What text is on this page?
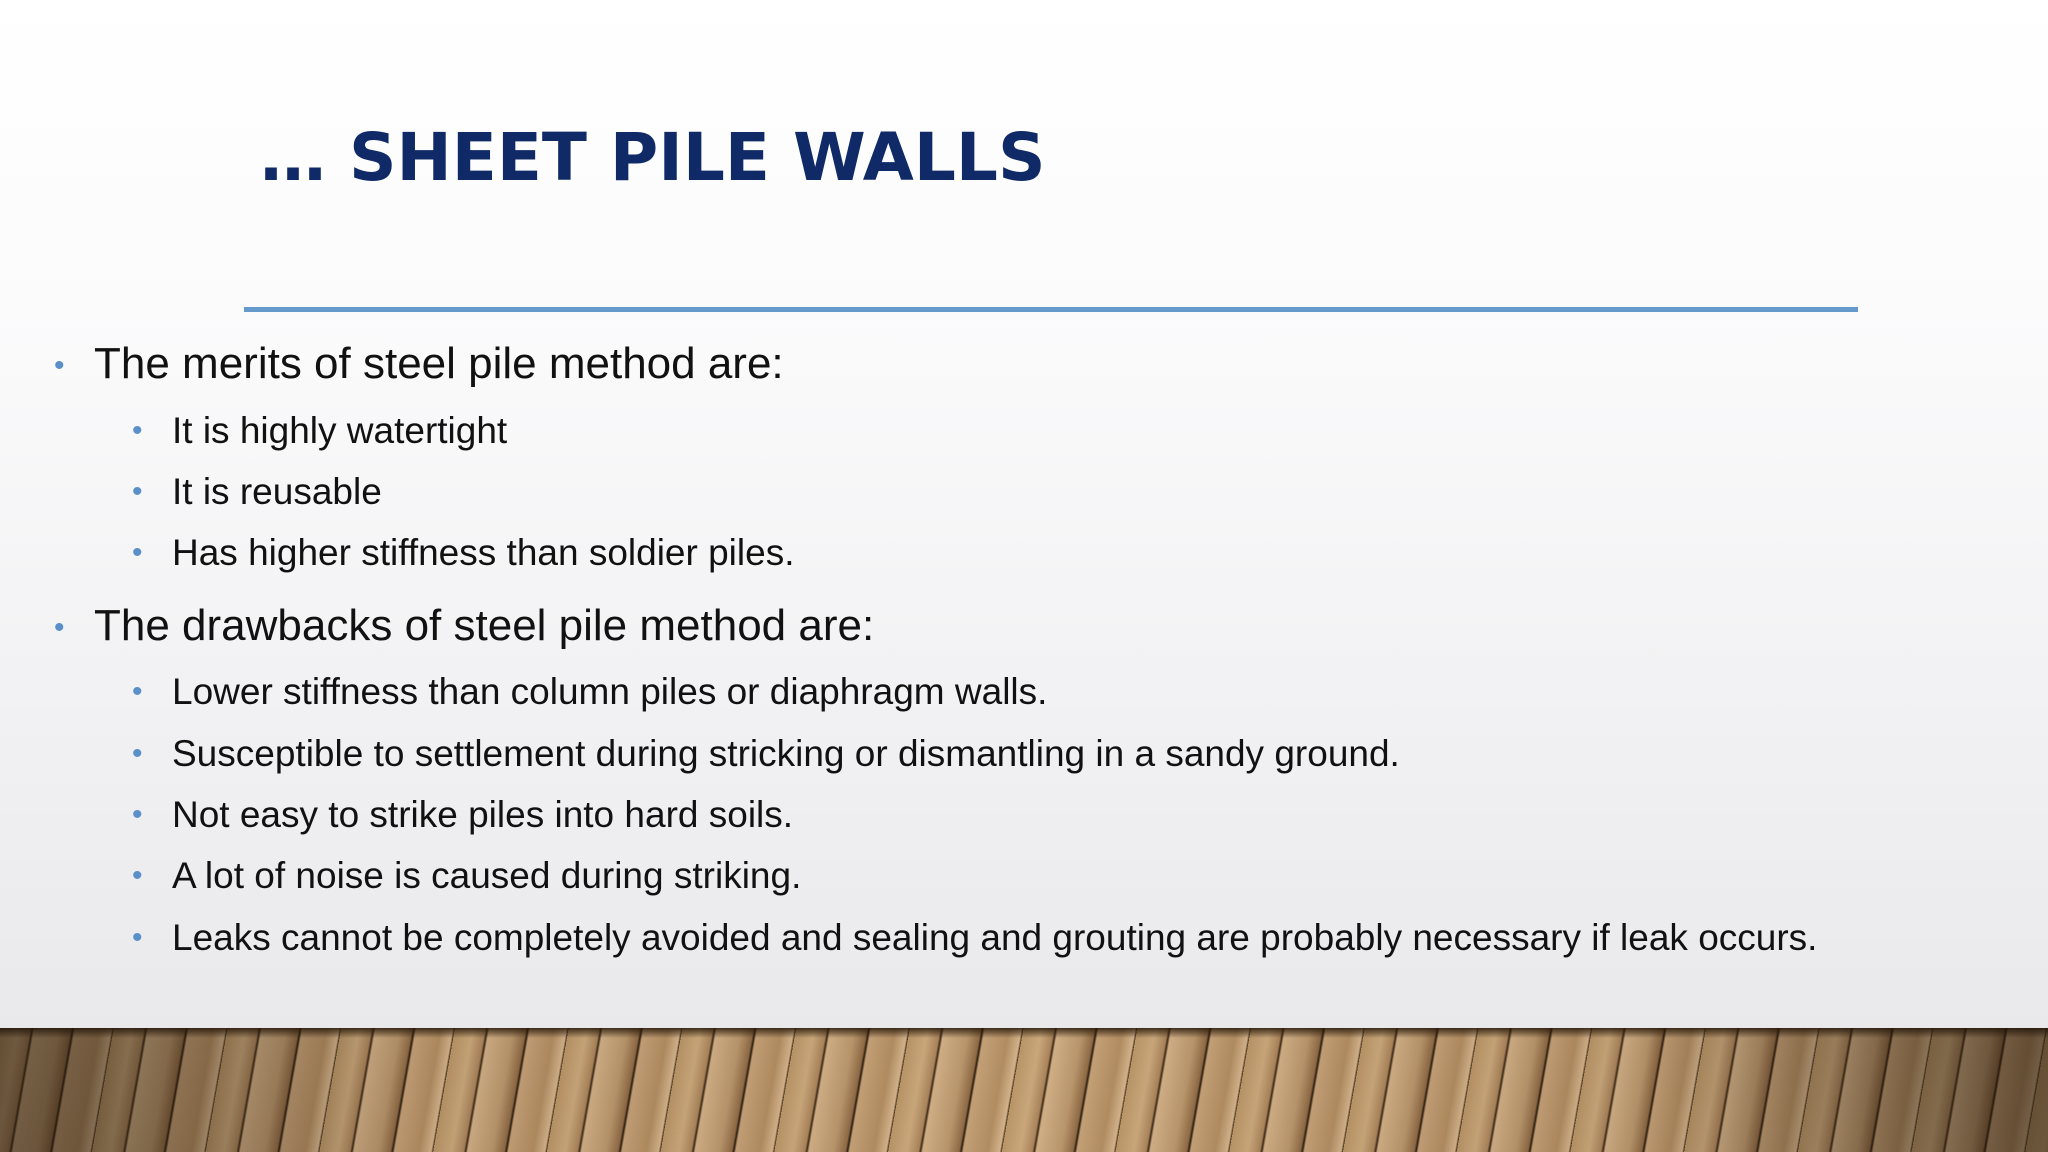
… SHEET PILE WALLS
• The merits of steel pile method are:
• It is highly watertight
• It is reusable
• Has higher stiffness than soldier piles.
• The drawbacks of steel pile method are:
• Lower stiffness than column piles or diaphragm walls.
• Susceptible to settlement during stricking or dismantling in a sandy ground.
• Not easy to strike piles into hard soils.
• A lot of noise is caused during striking.
• Leaks cannot be completely avoided and sealing and grouting are probably necessary if leak occurs.
